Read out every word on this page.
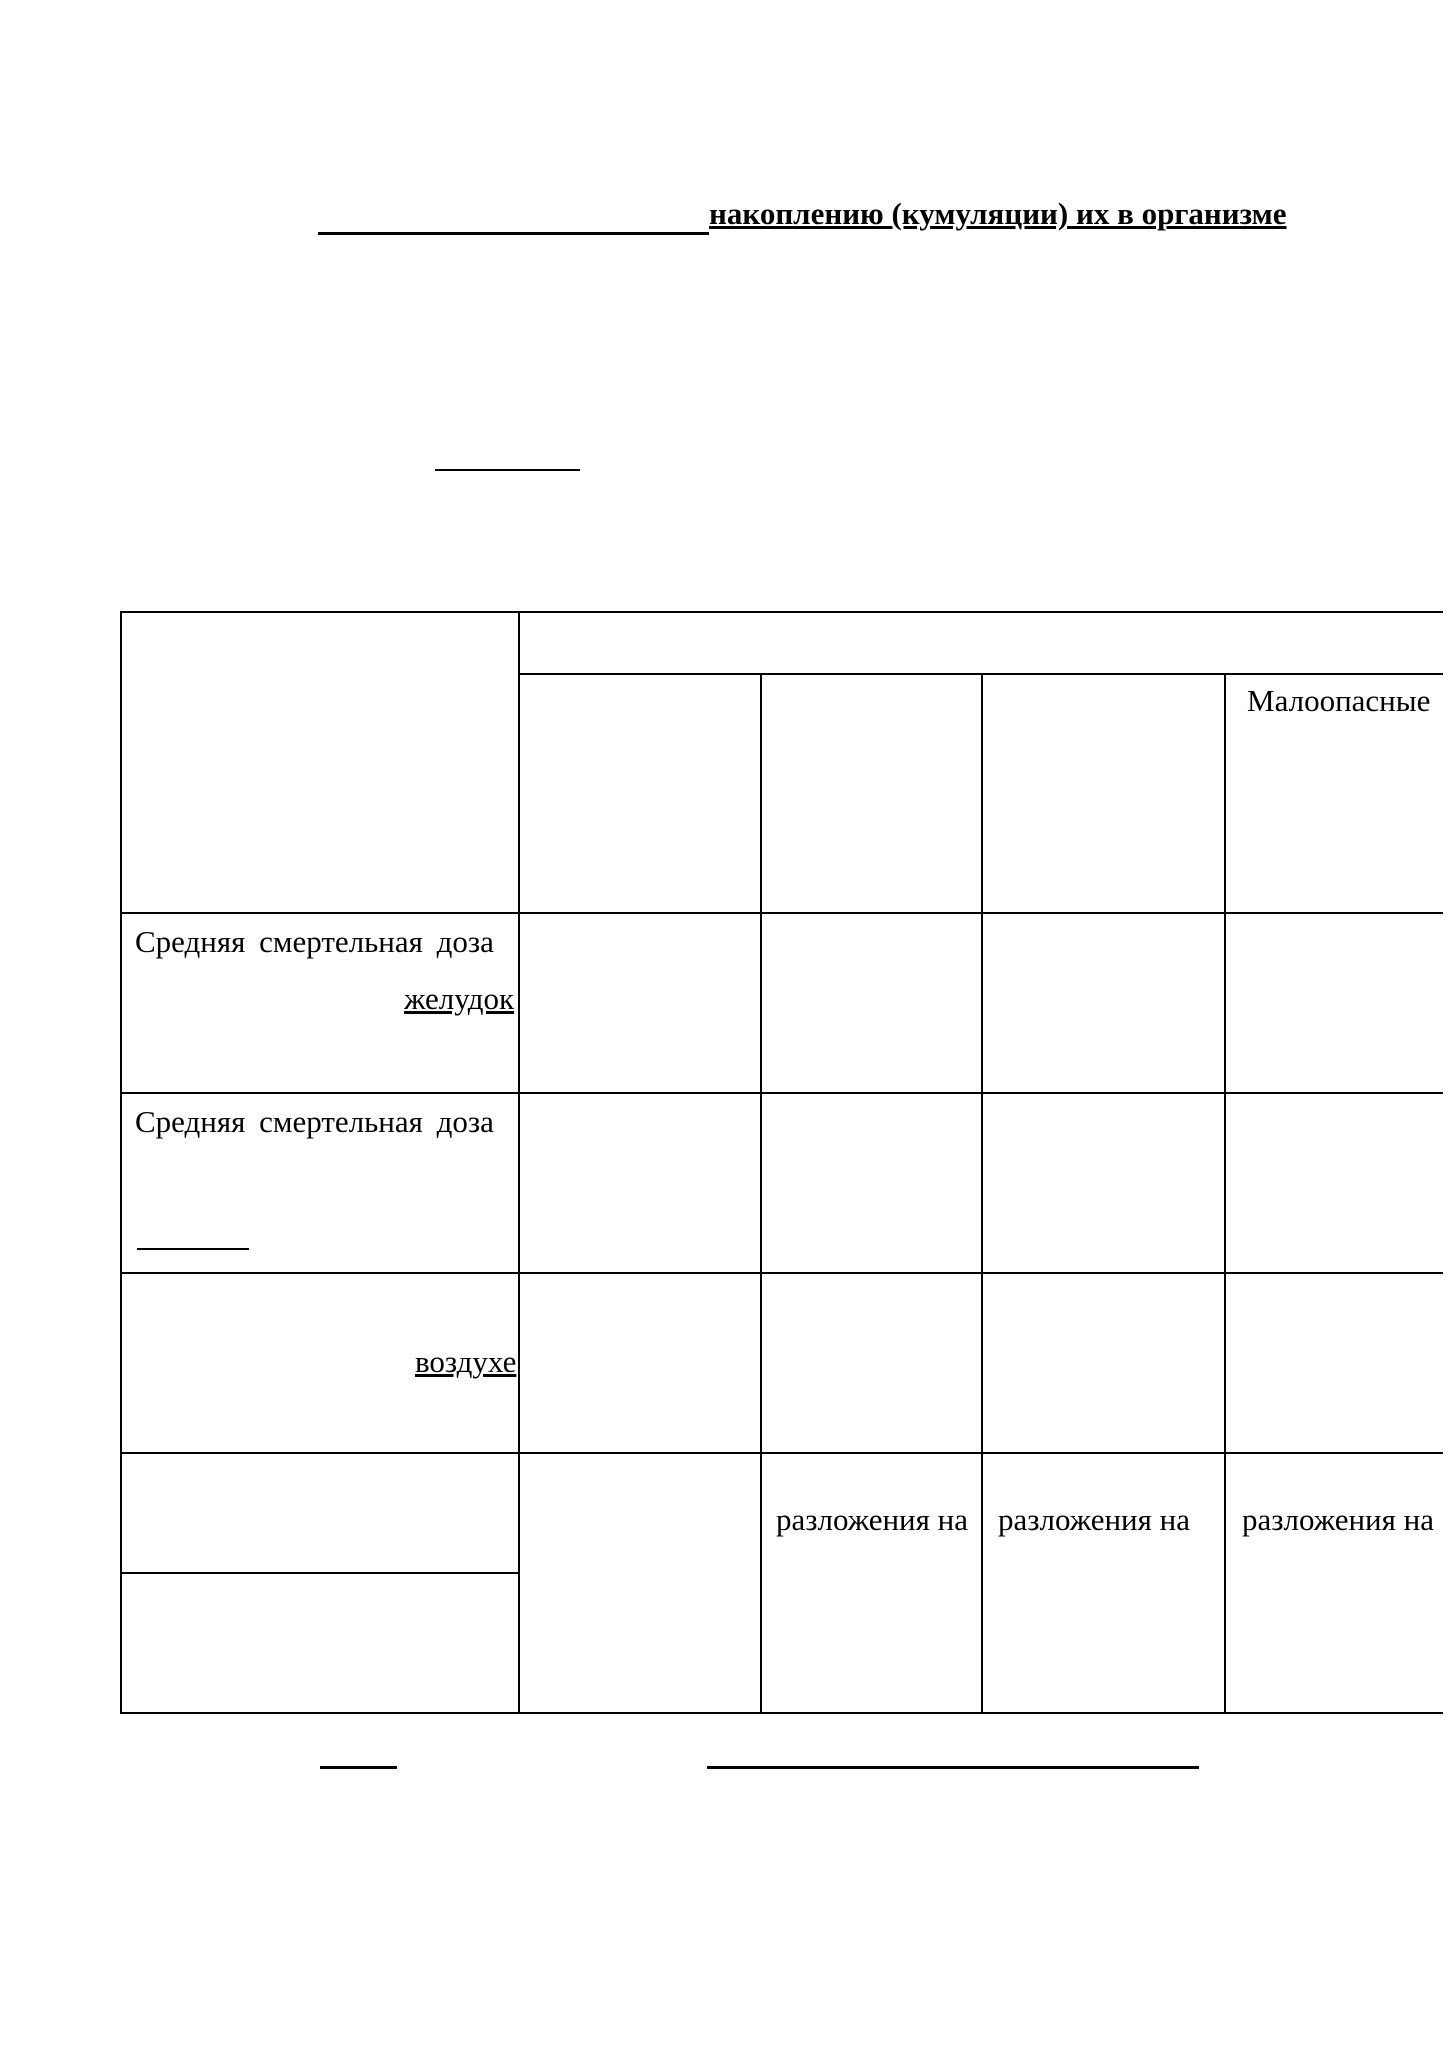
накоплению (кумуляции) их в организме
Малоопасные
Средняя смертельная доза
желудок
Средняя смертельная доза
воздухе
разложения на разложения на	разложения на
